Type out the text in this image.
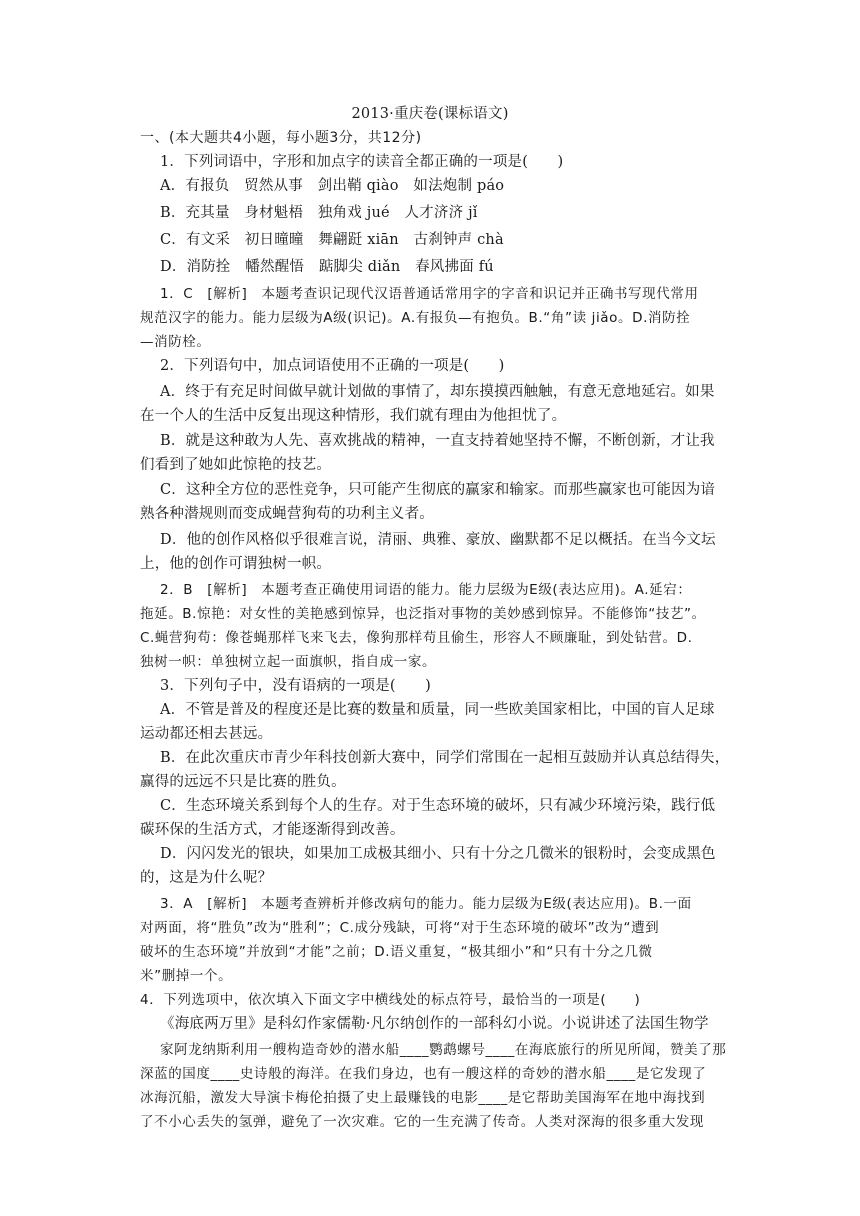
2013·重庆卷(课标语文)
一、(本大题共4小题，每小题3分，共12分)
1．下列词语中，字形和加点字的读音全都正确的一项是(　　)
A．有报负　贸然从事　剑出鞘 qiào　如法炮制 páo
B．充其量　身材魁梧　独角戏 jué　人才济济 jǐ
C．有文采　初日曈曈　舞翩跹 xiān　古刹钟声 chà
D．消防拴　幡然醒悟　踮脚尖 diǎn　春风拂面 fú
1．C　[解析]　本题考查识记现代汉语普通话常用字的字音和识记并正确书写现代常用
规范汉字的能力。能力层级为A级(识记)。A.有报负—有抱负。B.“角”读 jiǎo。D.消防拴
—消防栓。
2．下列语句中，加点词语使用不正确的一项是(　　)
A．终于有充足时间做早就计划做的事情了，却东摸摸西触触，有意无意地延宕。如果
在一个人的生活中反复出现这种情形，我们就有理由为他担忧了。
B．就是这种敢为人先、喜欢挑战的精神，一直支持着她坚持不懈，不断创新，才让我
们看到了她如此惊艳的技艺。
C．这种全方位的恶性竞争，只可能产生彻底的赢家和输家。而那些赢家也可能因为谙
熟各种潜规则而变成蝇营狗苟的功利主义者。
D．他的创作风格似乎很难言说，清丽、典雅、豪放、幽默都不足以概括。在当今文坛
上，他的创作可谓独树一帜。
2．B　[解析]　本题考查正确使用词语的能力。能力层级为E级(表达应用)。A.延宕：
拖延。B.惊艳：对女性的美艳感到惊异，也泛指对事物的美妙感到惊异。不能修饰“技艺”。
C.蝇营狗苟：像苍蝇那样飞来飞去，像狗那样苟且偷生，形容人不顾廉耻，到处钻营。D.
独树一帜：单独树立起一面旗帜，指自成一家。
3．下列句子中，没有语病的一项是(　　)
A．不管是普及的程度还是比赛的数量和质量，同一些欧美国家相比，中国的盲人足球
运动都还相去甚远。
B．在此次重庆市青少年科技创新大赛中，同学们常围在一起相互鼓励并认真总结得失，
赢得的远远不只是比赛的胜负。
C．生态环境关系到每个人的生存。对于生态环境的破坏，只有减少环境污染，践行低
碳环保的生活方式，才能逐渐得到改善。
D．闪闪发光的银块，如果加工成极其细小、只有十分之几微米的银粉时，会变成黑色
的，这是为什么呢？
3．A　[解析]　本题考查辨析并修改病句的能力。能力层级为E级(表达应用)。B.一面
对两面，将“胜负”改为“胜利”；C.成分残缺，可将“对于生态环境的破坏”改为“遭到
破坏的生态环境”并放到“才能”之前；D.语义重复，“极其细小”和“只有十分之几微
米”删掉一个。
4．下列选项中，依次填入下面文字中横线处的标点符号，最恰当的一项是(　　)
《海底两万里》是科幻作家儒勒·凡尔纳创作的一部科幻小说。小说讲述了法国生物学
家阿龙纳斯利用一艘构造奇妙的潜水船____鹦鹉螺号____在海底旅行的所见所闻，赞美了那
深蓝的国度____史诗般的海洋。在我们身边，也有一艘这样的奇妙的潜水船____是它发现了
冰海沉船，激发大导演卡梅伦拍摄了史上最赚钱的电影____是它帮助美国海军在地中海找到
了不小心丢失的氢弹，避免了一次灾难。它的一生充满了传奇。人类对深海的很多重大发现
